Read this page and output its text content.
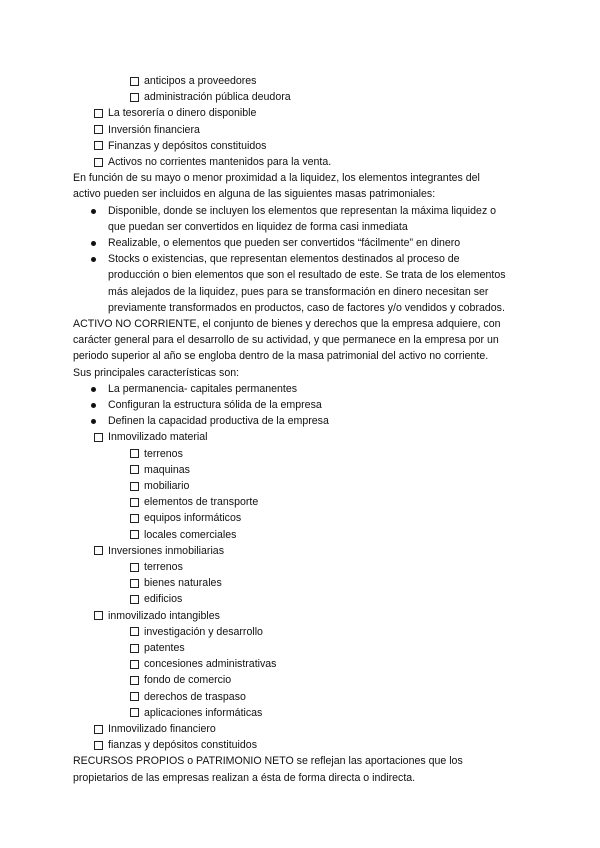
anticipos a proveedores
administración pública deudora
La tesorería o dinero disponible
Inversión financiera
Finanzas y depósitos constituidos
Activos no corrientes mantenidos para la venta.
En función de su mayo o menor proximidad a la liquidez, los elementos integrantes del
activo pueden ser incluidos en alguna de las siguientes masas patrimoniales:
Disponible, donde se incluyen los elementos que representan la máxima liquidez o
que puedan ser convertidos en liquidez de forma casi inmediata
Realizable, o elementos que pueden ser convertidos “fácilmente” en dinero
Stocks o existencias, que representan elementos destinados al proceso de
producción o bien elementos que son el resultado de este. Se trata de los elementos
más alejados de la liquidez, pues para se transformación en dinero necesitan ser
previamente transformados en productos, caso de factores y/o vendidos y cobrados.
ACTIVO NO CORRIENTE, el conjunto de bienes y derechos que la empresa adquiere, con
carácter general para el desarrollo de su actividad, y que permanece en la empresa por un
periodo superior al año se engloba dentro de la masa patrimonial del activo no corriente.
Sus principales características son:
La permanencia- capitales permanentes
Configuran la estructura sólida de la empresa
Definen la capacidad productiva de la empresa
Inmovilizado material
terrenos
maquinas
mobiliario
elementos de transporte
equipos informáticos
locales comerciales
Inversiones inmobiliarias
terrenos
bienes naturales
edificios
inmovilizado intangibles
investigación y desarrollo
patentes
concesiones administrativas
fondo de comercio
derechos de traspaso
aplicaciones informáticas
Inmovilizado financiero
fianzas y depósitos constituidos
RECURSOS PROPIOS o PATRIMONIO NETO se reflejan las aportaciones que los
propietarios de las empresas realizan a ésta de forma directa o indirecta.
